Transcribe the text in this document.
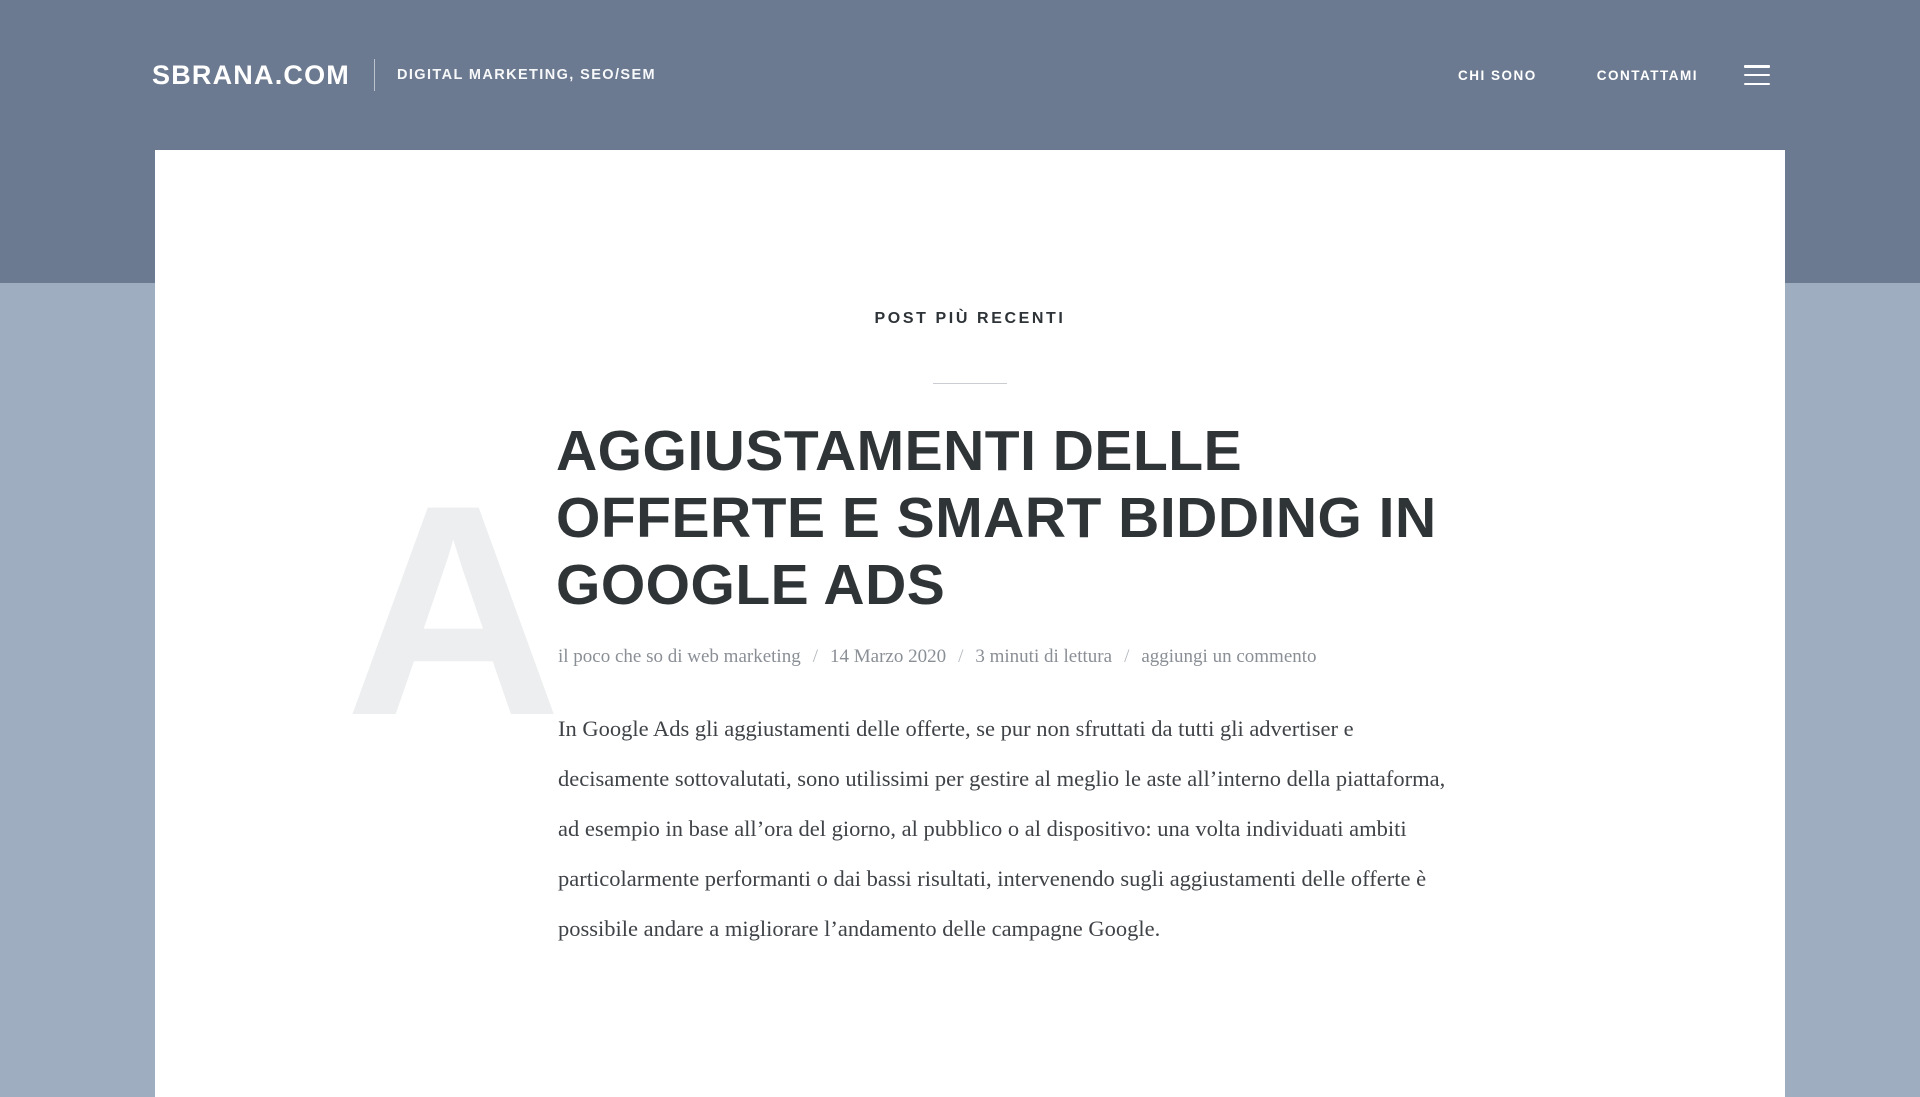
SBRANA.COM	DIGITAL MARKETING, SEO/SEM	CHI SONO	CONTATTAMI
POST PIÙ RECENTI
A AGGIUSTAMENTI DELLE OFFERTE E SMART BIDDING IN GOOGLE ADS
il poco che so di web marketing / 14 Marzo 2020 / 3 minuti di lettura / aggiungi un commento

In Google Ads gli aggiustamenti delle offerte, se pur non sfruttati da tutti gli advertiser e decisamente sottovalutati, sono utilissimi per gestire al meglio le aste all’interno della piattaforma, ad esempio in base all’ora del giorno, al pubblico o al dispositivo: una volta individuati ambiti particolarmente performanti o dai bassi risultati, intervenendo sugli aggiustamenti delle offerte è possibile andare a migliorare l’andamento delle campagne Google.
